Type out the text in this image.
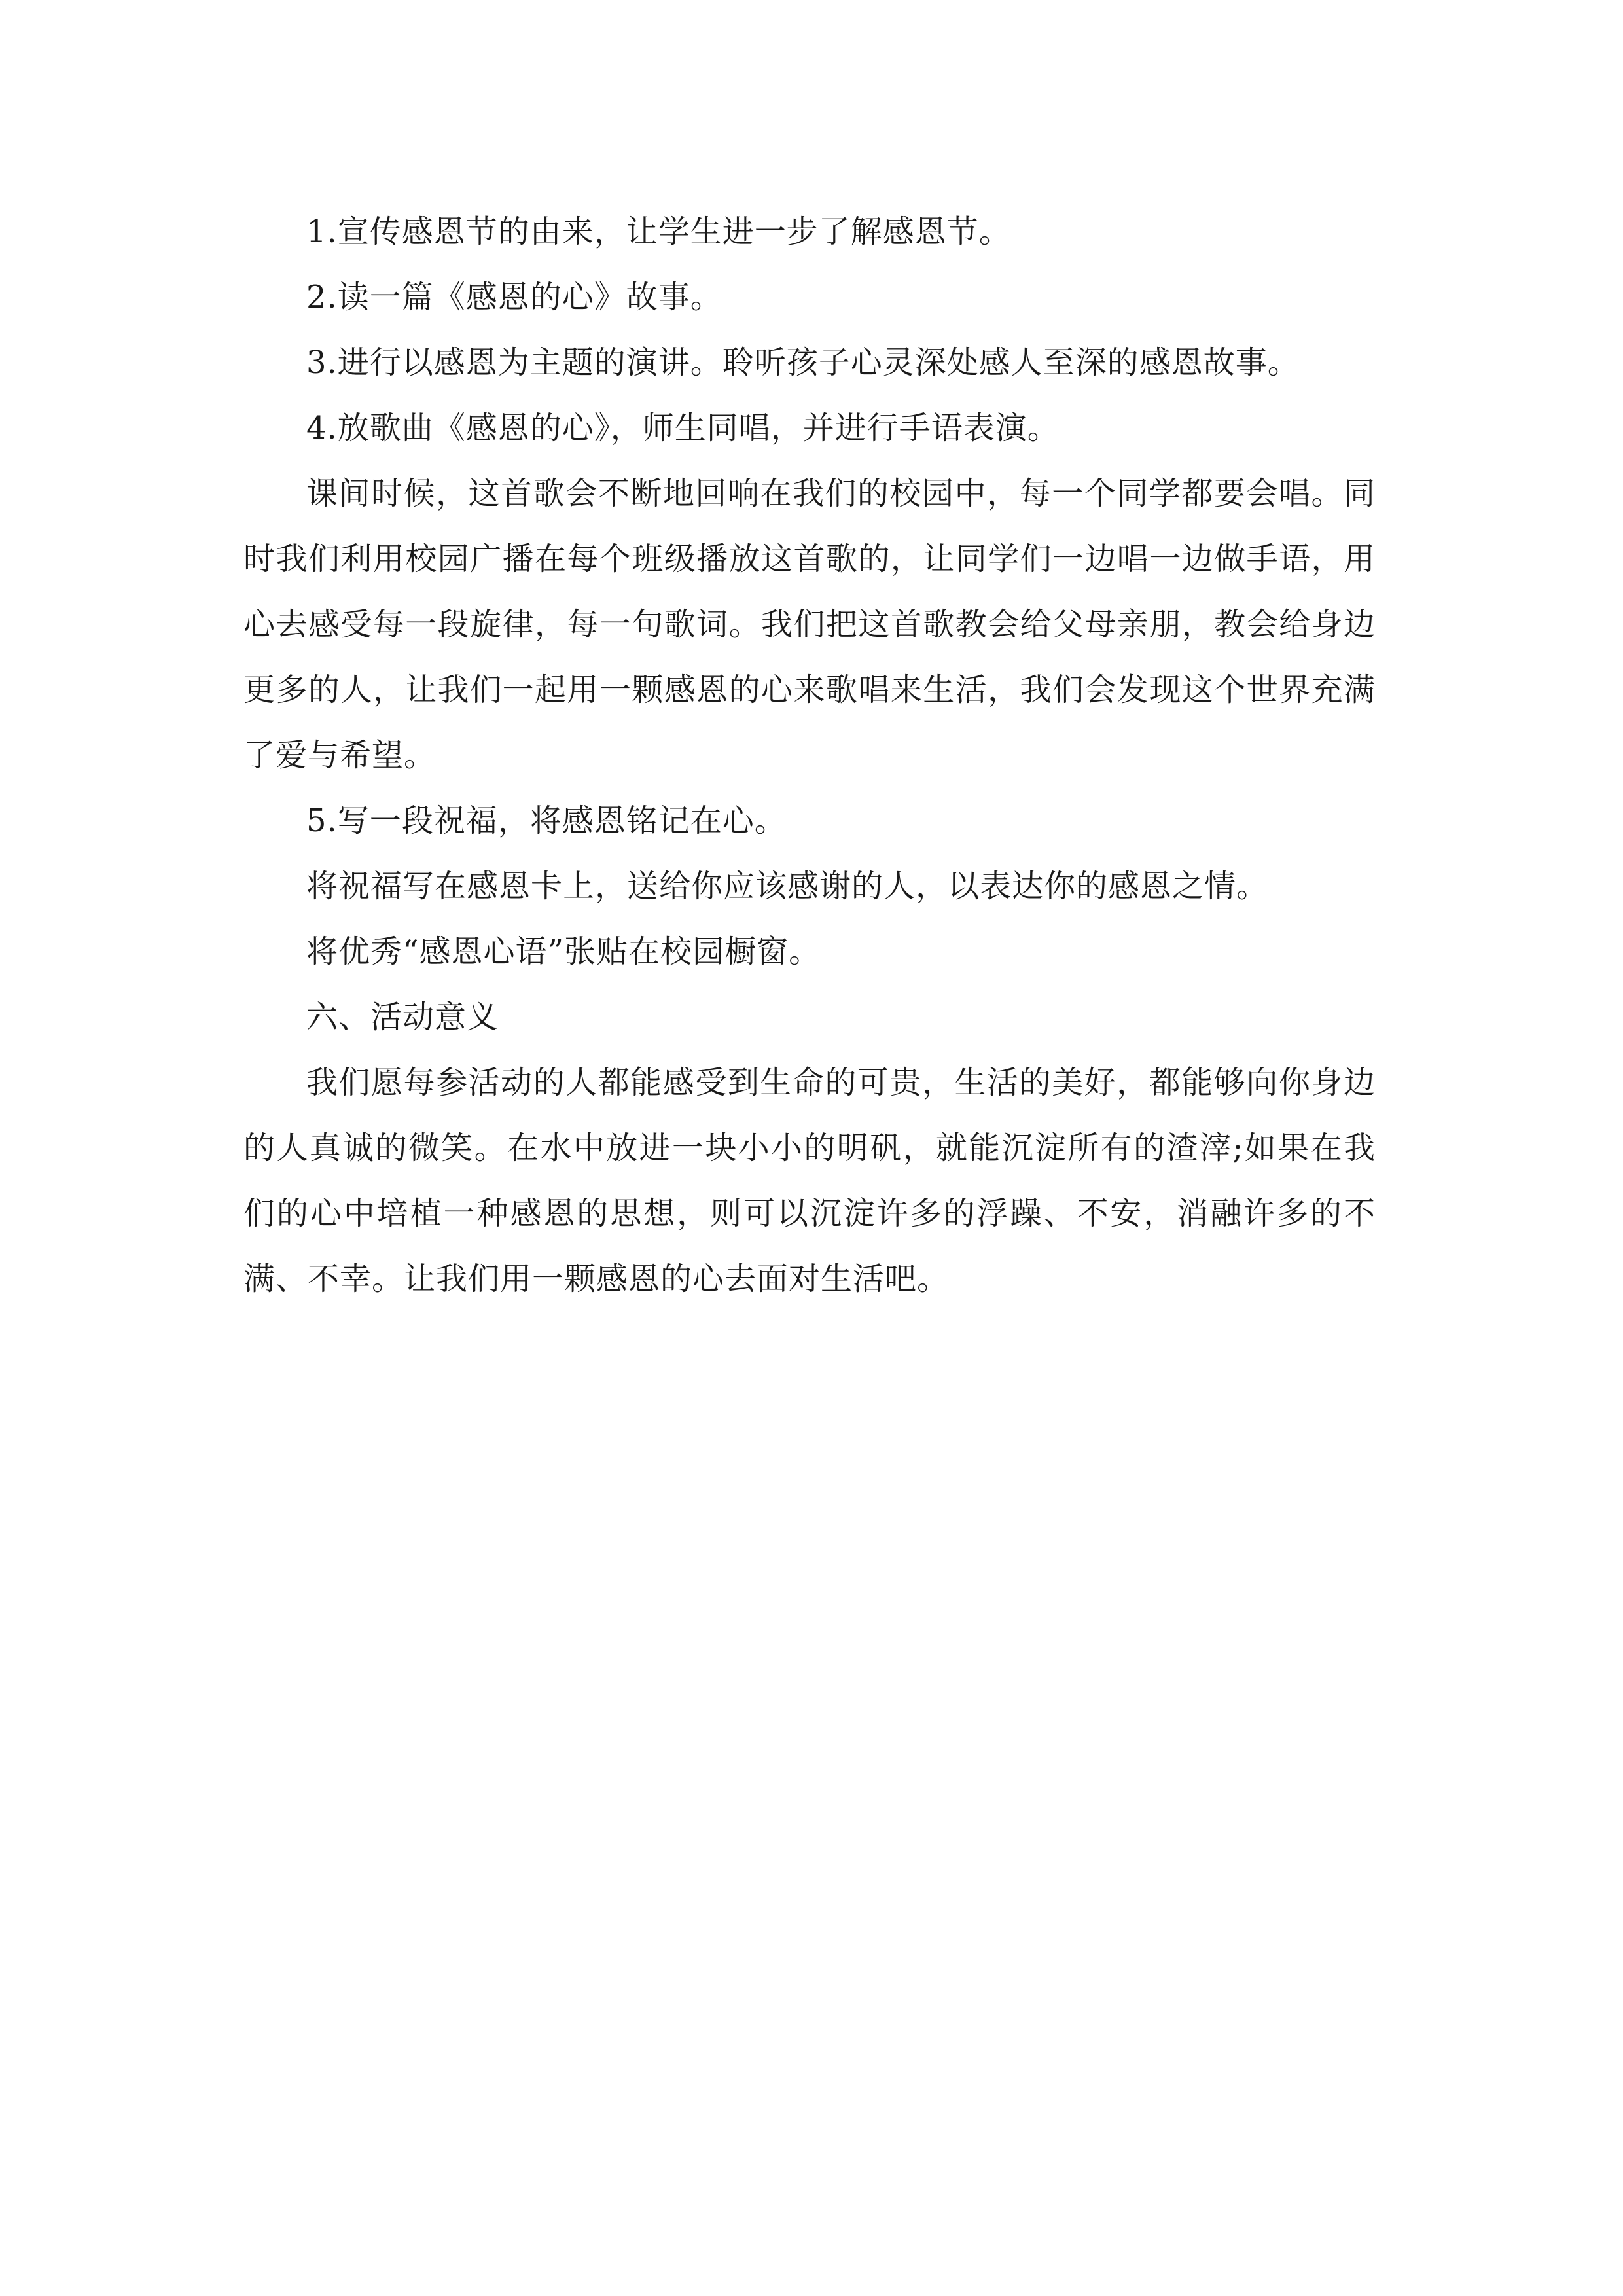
1.宣传感恩节的由来，让学生进一步了解感恩节。

2.读一篇《感恩的心》故事。

3.进行以感恩为主题的演讲。聆听孩子心灵深处感人至深的感恩故事。

4.放歌曲《感恩的心》，师生同唱，并进行手语表演。

课间时候，这首歌会不断地回响在我们的校园中，每一个同学都要会唱。同时我们利用校园广播在每个班级播放这首歌的，让同学们一边唱一边做手语，用心去感受每一段旋律，每一句歌词。我们把这首歌教会给父母亲朋，教会给身边更多的人，让我们一起用一颗感恩的心来歌唱来生活，我们会发现这个世界充满了爱与希望。

5.写一段祝福，将感恩铭记在心。

将祝福写在感恩卡上，送给你应该感谢的人，以表达你的感恩之情。

将优秀“感恩心语”张贴在校园橱窗。

六、活动意义

我们愿每参活动的人都能感受到生命的可贵，生活的美好，都能够向你身边的人真诚的微笑。在水中放进一块小小的明矾，就能沉淀所有的渣滓;如果在我们的心中培植一种感恩的思想，则可以沉淀许多的浮躁、不安，消融许多的不满、不幸。让我们用一颗感恩的心去面对生活吧。
